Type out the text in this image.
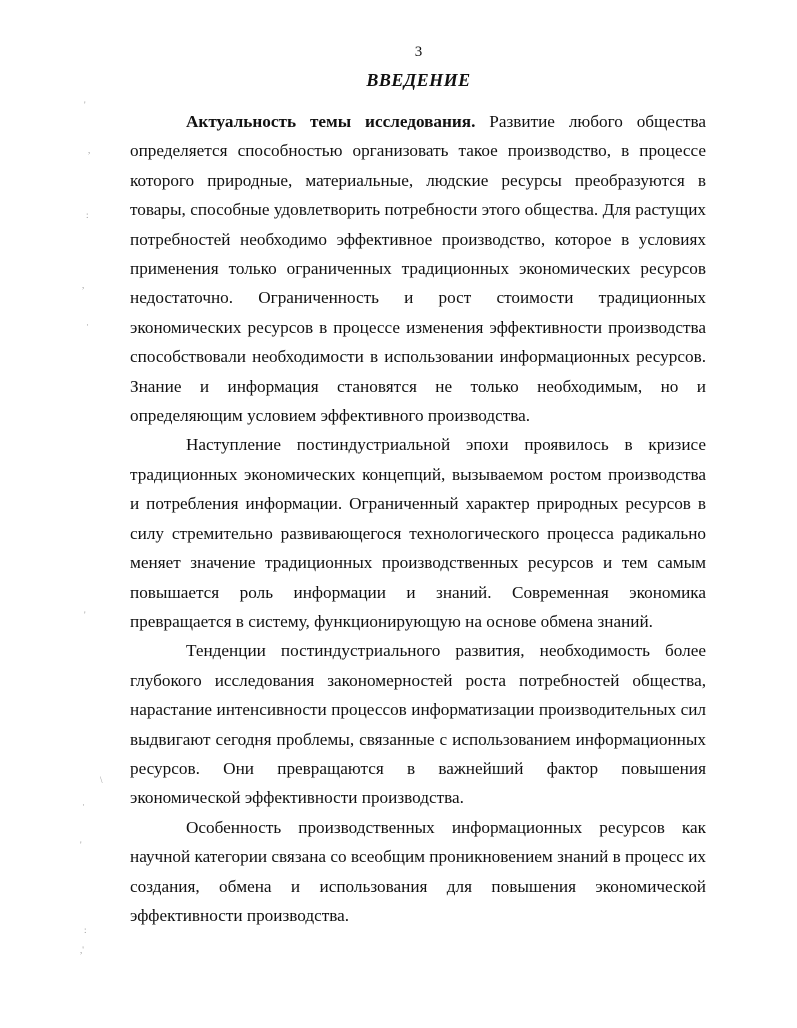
'
,
:
,
·
'
\
·
'
:
,'
3
ВВЕДЕНИЕ

Актуальность темы исследования. Развитие любого общества определяется способностью организовать такое производство, в процессе которого природные, материальные, людские ресурсы преобразуются в товары, способные удовлетворить потребности этого общества. Для растущих потребностей необходимо эффективное производство, которое в условиях применения только ограниченных традиционных экономических ресурсов недостаточно. Ограниченность и рост стоимости традиционных экономических ресурсов в процессе изменения эффективности производства способствовали необходимости в использовании информационных ресурсов. Знание и информация становятся не только необходимым, но и определяющим условием эффективного производства.

Наступление постиндустриальной эпохи проявилось в кризисе традиционных экономических концепций, вызываемом ростом производства и потребления информации. Ограниченный характер природных ресурсов в силу стремительно развивающегося технологического процесса радикально меняет значение традиционных производственных ресурсов и тем самым повышается роль информации и знаний. Современная экономика превращается в систему, функционирующую на основе обмена знаний.

Тенденции постиндустриального развития, необходимость более глубокого исследования закономерностей роста потребностей общества, нарастание интенсивности процессов информатизации производительных сил выдвигают сегодня проблемы, связанные с использованием информационных ресурсов. Они превращаются в важнейший фактор повышения экономической эффективности производства.

Особенность производственных информационных ресурсов как научной категории связана со всеобщим проникновением знаний в процесс их создания, обмена и использования для повышения экономической эффективности производства.
